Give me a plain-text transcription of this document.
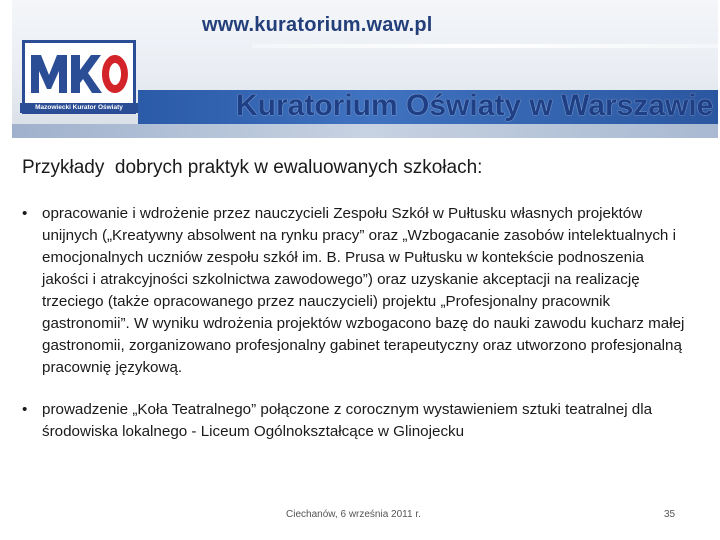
www.kuratorium.waw.pl
Mazowiecki Kurator Oświaty	Kuratorium Oświaty w Warszawie
Przykłady  dobrych praktyk w ewaluowanych szkołach:
• opracowanie i wdrożenie przez nauczycieli Zespołu Szkół w Pułtusku własnych projektów unijnych („Kreatywny absolwent na rynku pracy” oraz „Wzbogacanie zasobów intelektualnych i emocjonalnych uczniów zespołu szkół im. B. Prusa w Pułtusku w kontekście podnoszenia jakości i atrakcyjności szkolnictwa zawodowego”) oraz uzyskanie akceptacji na realizację trzeciego (także opracowanego przez nauczycieli) projektu „Profesjonalny pracownik gastronomii”. W wyniku wdrożenia projektów wzbogacono bazę do nauki zawodu kucharz małej gastronomii, zorganizowano profesjonalny gabinet terapeutyczny oraz utworzono profesjonalną pracownię językową.
• prowadzenie „Koła Teatralnego” połączone z corocznym wystawieniem sztuki teatralnej dla środowiska lokalnego - Liceum Ogólnokształcące w Glinojecku
Ciechanów, 6 września 2011 r.	35
